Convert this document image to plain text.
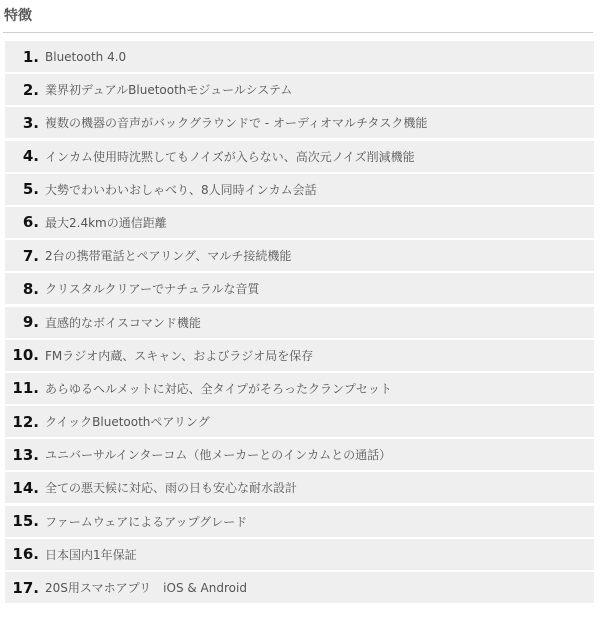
特徴
1. Bluetooth 4.0
2. 業界初デュアルBluetoothモジュールシステム
3. 複数の機器の音声がバックグラウンドで - オーディオマルチタスク機能
4. インカム使用時沈黙してもノイズが入らない、高次元ノイズ削減機能
5. 大勢でわいわいおしゃべり、8人同時インカム会話
6. 最大2.4kmの通信距離
7. 2台の携帯電話とペアリング、マルチ接続機能
8. クリスタルクリアーでナチュラルな音質
9. 直感的なボイスコマンド機能
10. FMラジオ内蔵、スキャン、およびラジオ局を保存
11. あらゆるヘルメットに対応、全タイプがそろったクランプセット
12. クイックBluetoothペアリング
13. ユニバーサルインターコム（他メーカーとのインカムとの通話）
14. 全ての悪天候に対応、雨の日も安心な耐水設計
15. ファームウェアによるアップグレード
16. 日本国内1年保証
17. 20S用スマホアプリ　iOS & Android
